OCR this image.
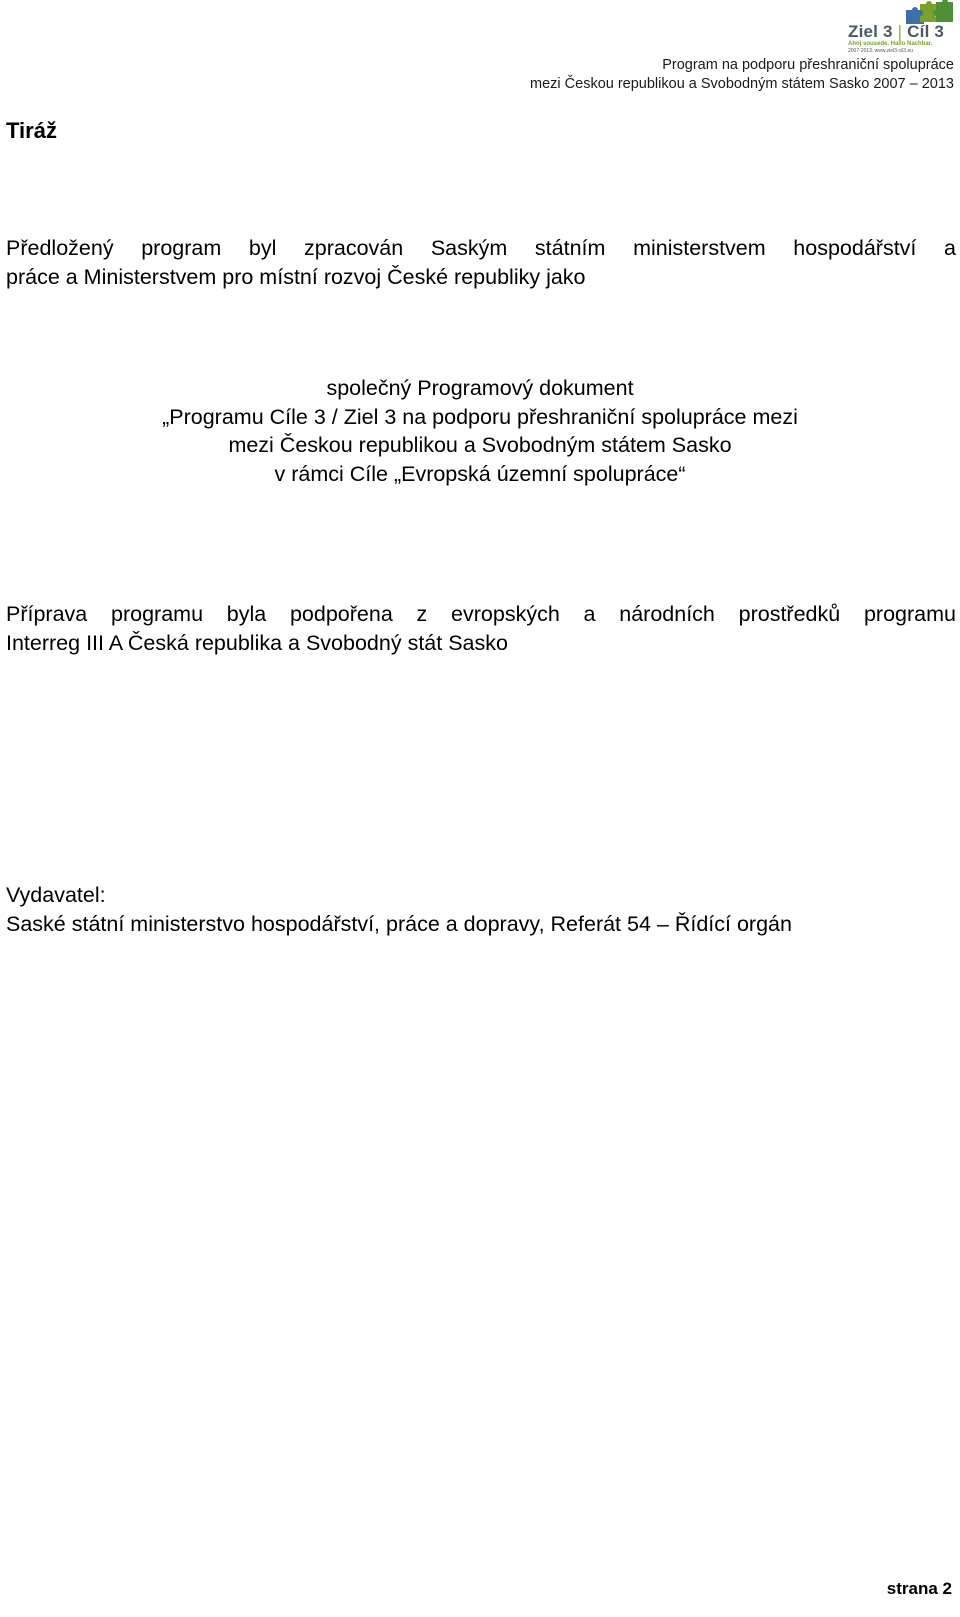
Ziel 3 | Cíl 3
Ahoj sousede. Hallo Nachbar.
2007-2013. www.ziel3-cil3.eu
Program na podporu přeshraniční spolupráce
mezi Českou republikou a Svobodným státem Sasko 2007 – 2013
Tiráž
Předložený program byl zpracován Saským státním ministerstvem hospodářství a
práce a Ministerstvem pro místní rozvoj České republiky jako
společný Programový dokument
„Programu Cíle 3 / Ziel 3 na podporu přeshraniční spolupráce mezi
mezi Českou republikou a Svobodným státem Sasko
v rámci Cíle „Evropská územní spolupráce“
Příprava programu byla podpořena z evropských a národních prostředků programu
Interreg III A Česká republika a Svobodný stát Sasko
Vydavatel:
Saské státní ministerstvo hospodářství, práce a dopravy, Referát 54 – Řídící orgán
strana 2
